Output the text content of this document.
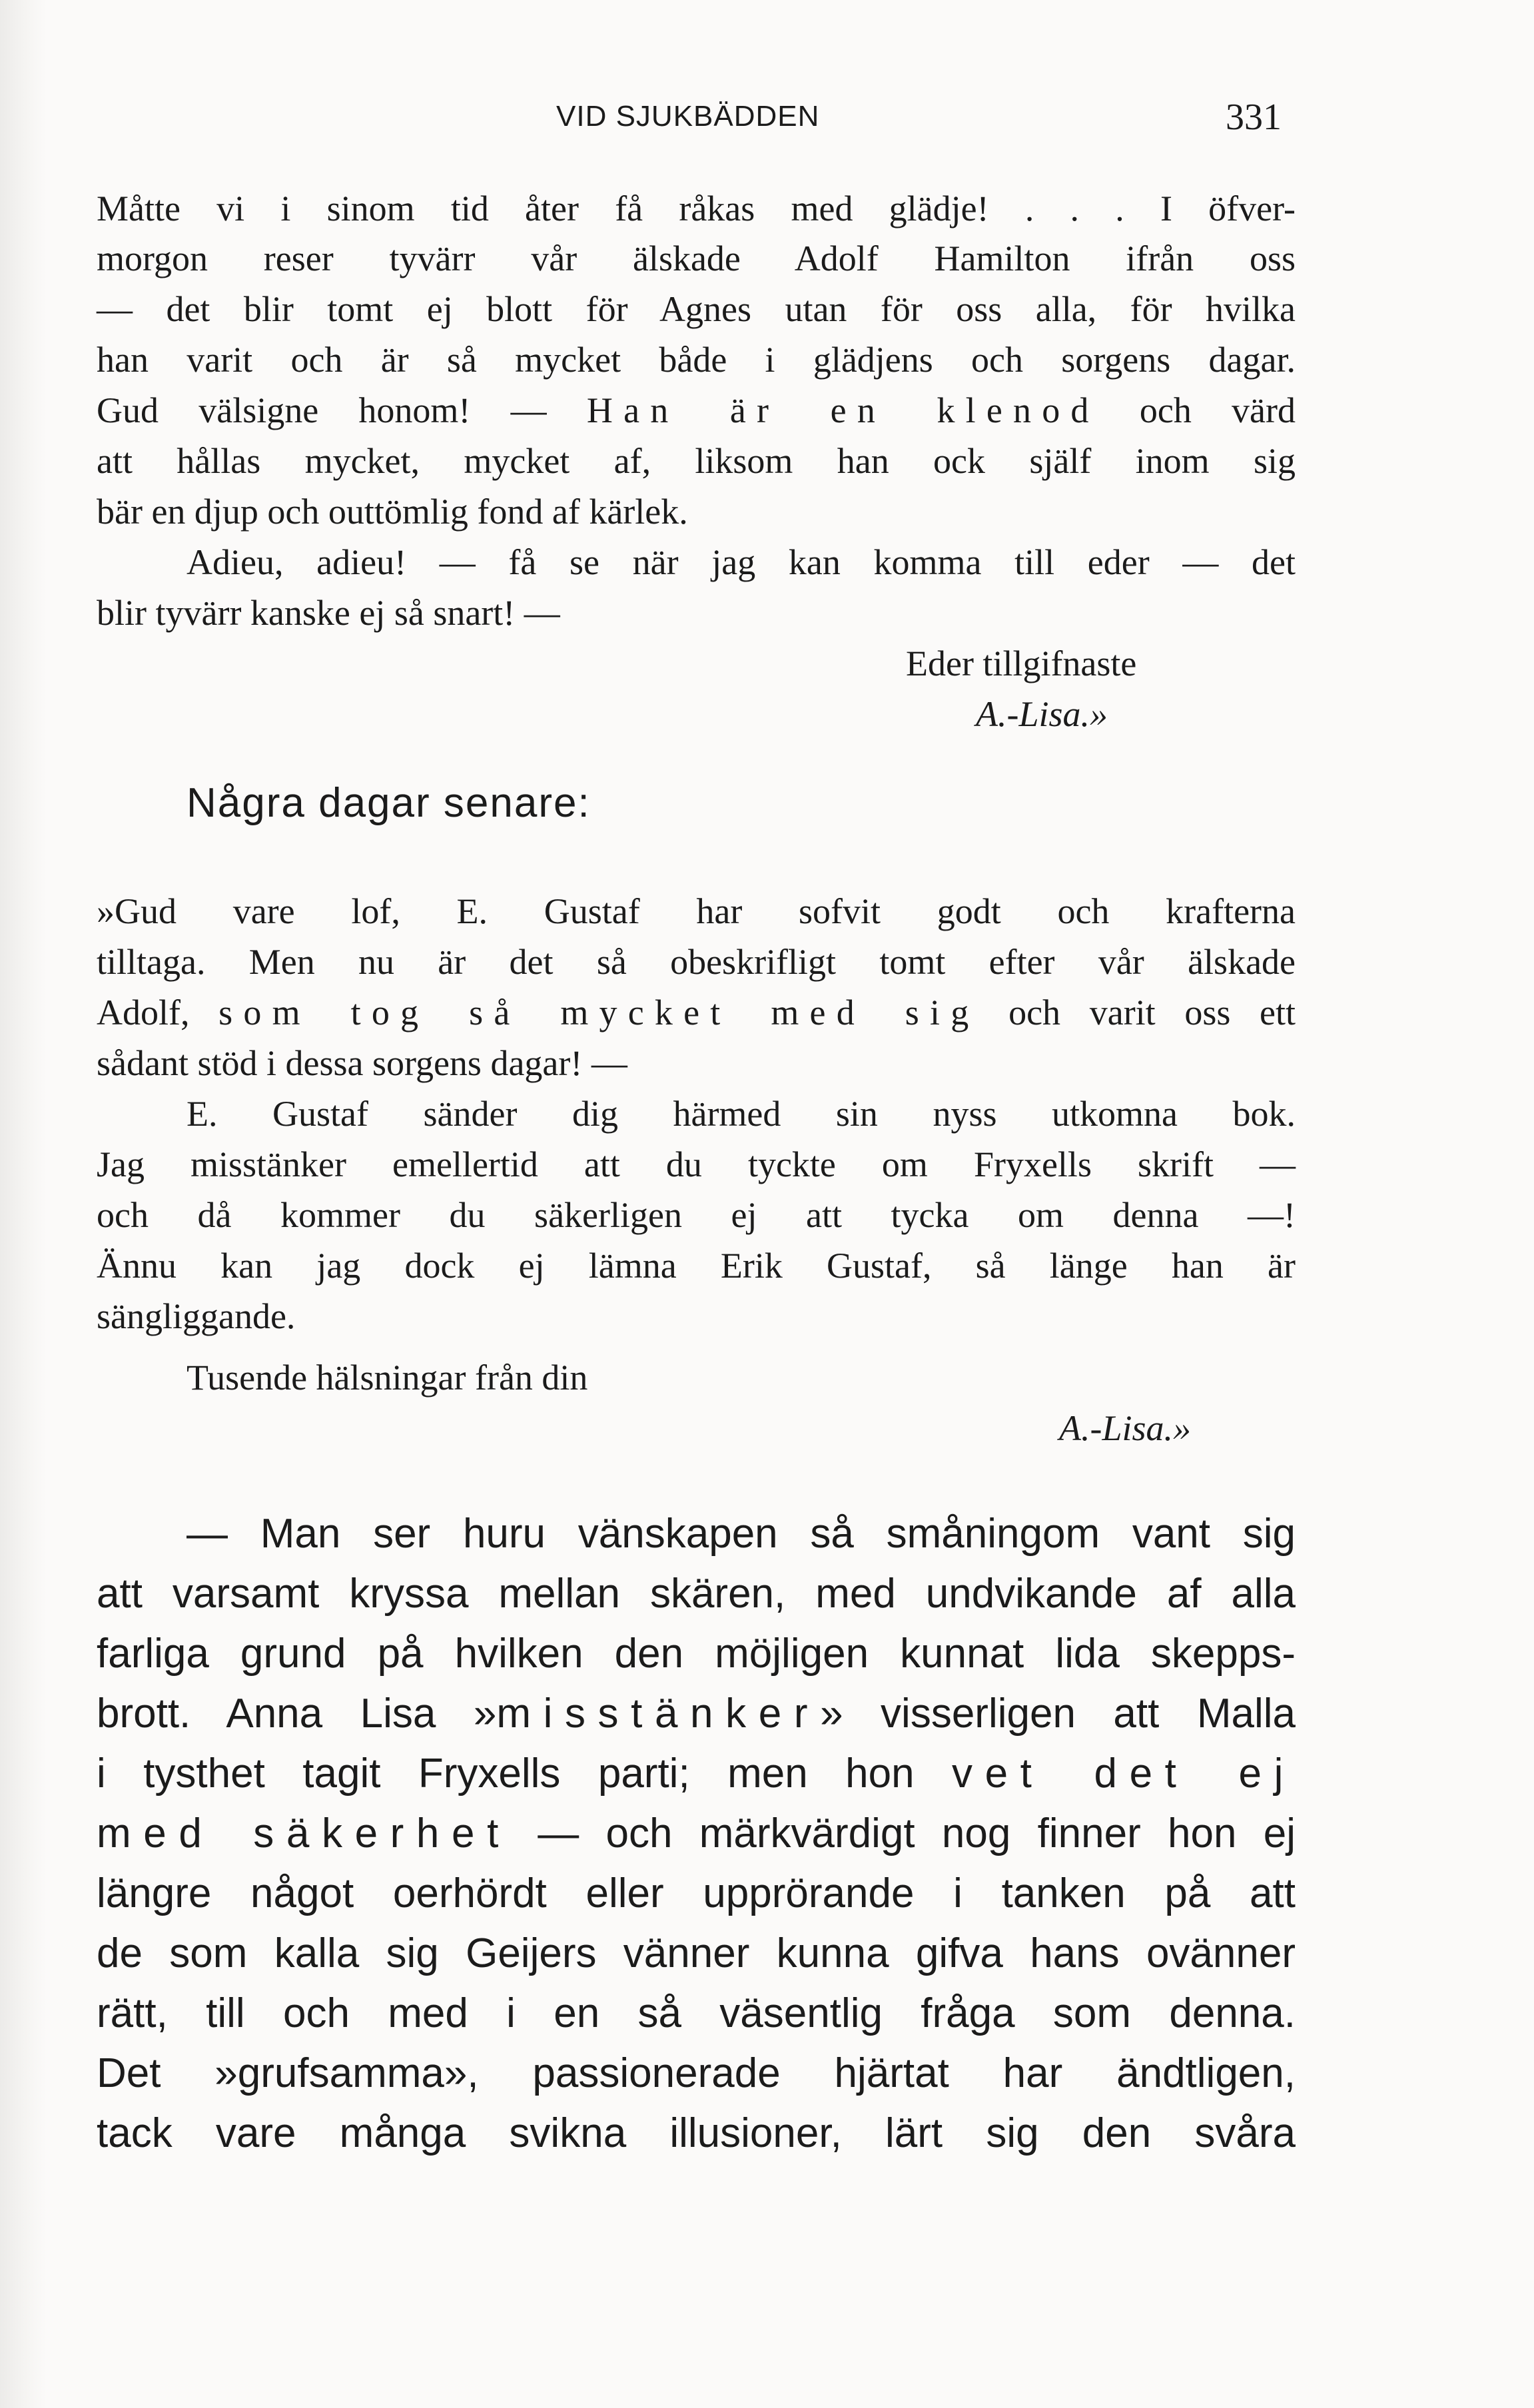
VID SJUKBÄDDEN	331
Måtte vi i sinom tid åter få råkas med glädje! . . . I öfver-
morgon reser tyvärr vår älskade Adolf Hamilton ifrån oss
— det blir tomt ej blott för Agnes utan för oss alla, för hvilka
han varit och är så mycket både i glädjens och sorgens dagar.
Gud välsigne honom! — Han är en klenod och värd
att hållas mycket, mycket af, liksom han ock själf inom sig
bär en djup och outtömlig fond af kärlek.
Adieu, adieu! — få se när jag kan komma till eder — det
blir tyvärr kanske ej så snart! —
Eder tillgifnaste
A.-Lisa.»
Några dagar senare:
»Gud vare lof, E. Gustaf har sofvit godt och krafterna
tilltaga. Men nu är det så obeskrifligt tomt efter vår älskade
Adolf, som tog så mycket med sig och varit oss ett
sådant stöd i dessa sorgens dagar! —
E. Gustaf sänder dig härmed sin nyss utkomna bok.
Jag misstänker emellertid att du tyckte om Fryxells skrift —
och då kommer du säkerligen ej att tycka om denna —!
Ännu kan jag dock ej lämna Erik Gustaf, så länge han är
sängliggande.
Tusende hälsningar från din
A.-Lisa.»
— Man ser huru vänskapen så småningom vant sig
att varsamt kryssa mellan skären, med undvikande af alla
farliga grund på hvilken den möjligen kunnat lida skepps-
brott. Anna Lisa »misstänker» visserligen att Malla
i tysthet tagit Fryxells parti; men hon vet det ej
med säkerhet — och märkvärdigt nog finner hon ej
längre något oerhördt eller upprörande i tanken på att
de som kalla sig Geijers vänner kunna gifva hans ovänner
rätt, till och med i en så väsentlig fråga som denna.
Det »grufsamma», passionerade hjärtat har ändtligen,
tack vare många svikna illusioner, lärt sig den svåra
